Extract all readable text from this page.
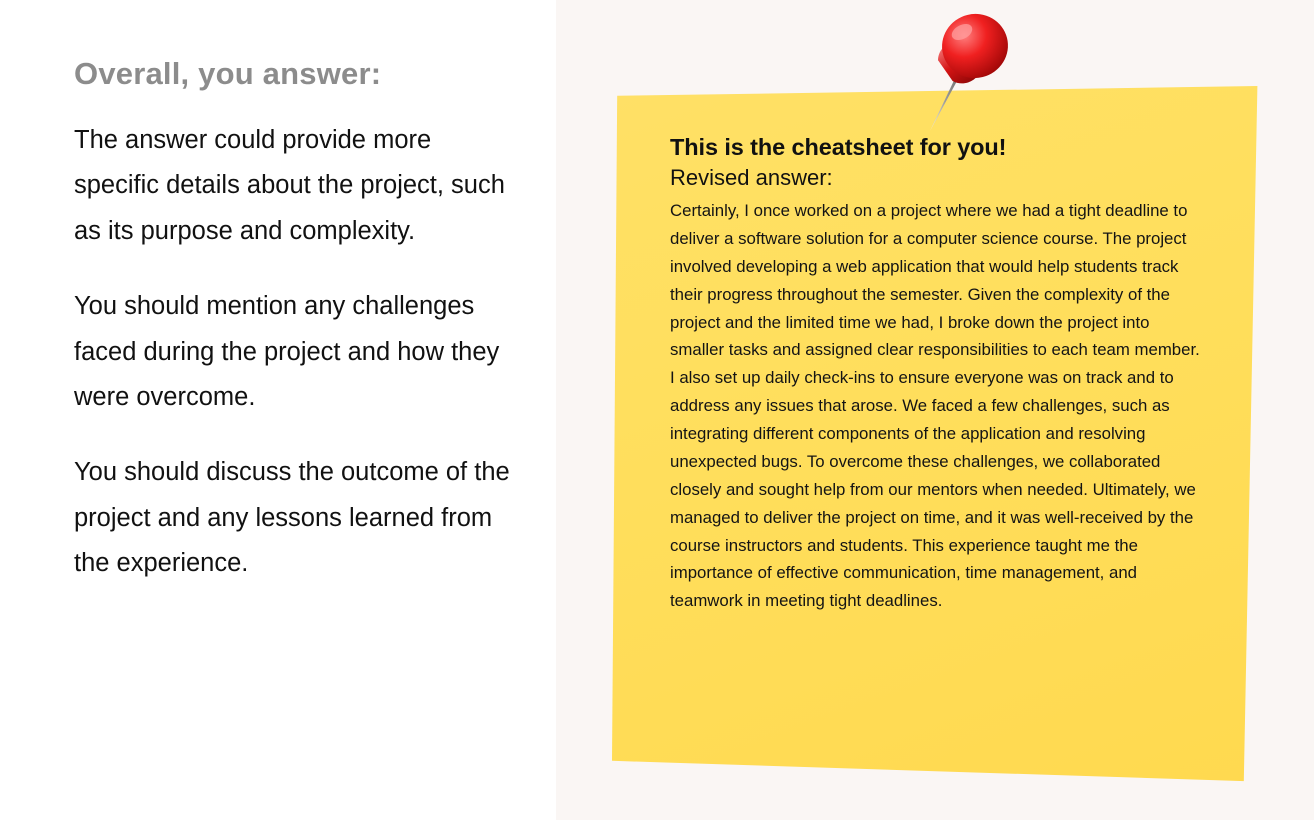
Overall, you answer:

The answer could provide more specific details about the project, such as its purpose and complexity.

You should mention any challenges faced during the project and how they were overcome.

You should discuss the outcome of the project and any lessons learned from the experience.

This is the cheatsheet for you!
Revised answer:

Certainly, I once worked on a project where we had a tight deadline to deliver a software solution for a computer science course. The project involved developing a web application that would help students track their progress throughout the semester. Given the complexity of the project and the limited time we had, I broke down the project into smaller tasks and assigned clear responsibilities to each team member. I also set up daily check-ins to ensure everyone was on track and to address any issues that arose. We faced a few challenges, such as integrating different components of the application and resolving unexpected bugs. To overcome these challenges, we collaborated closely and sought help from our mentors when needed. Ultimately, we managed to deliver the project on time, and it was well-received by the course instructors and students. This experience taught me the importance of effective communication, time management, and teamwork in meeting tight deadlines.
